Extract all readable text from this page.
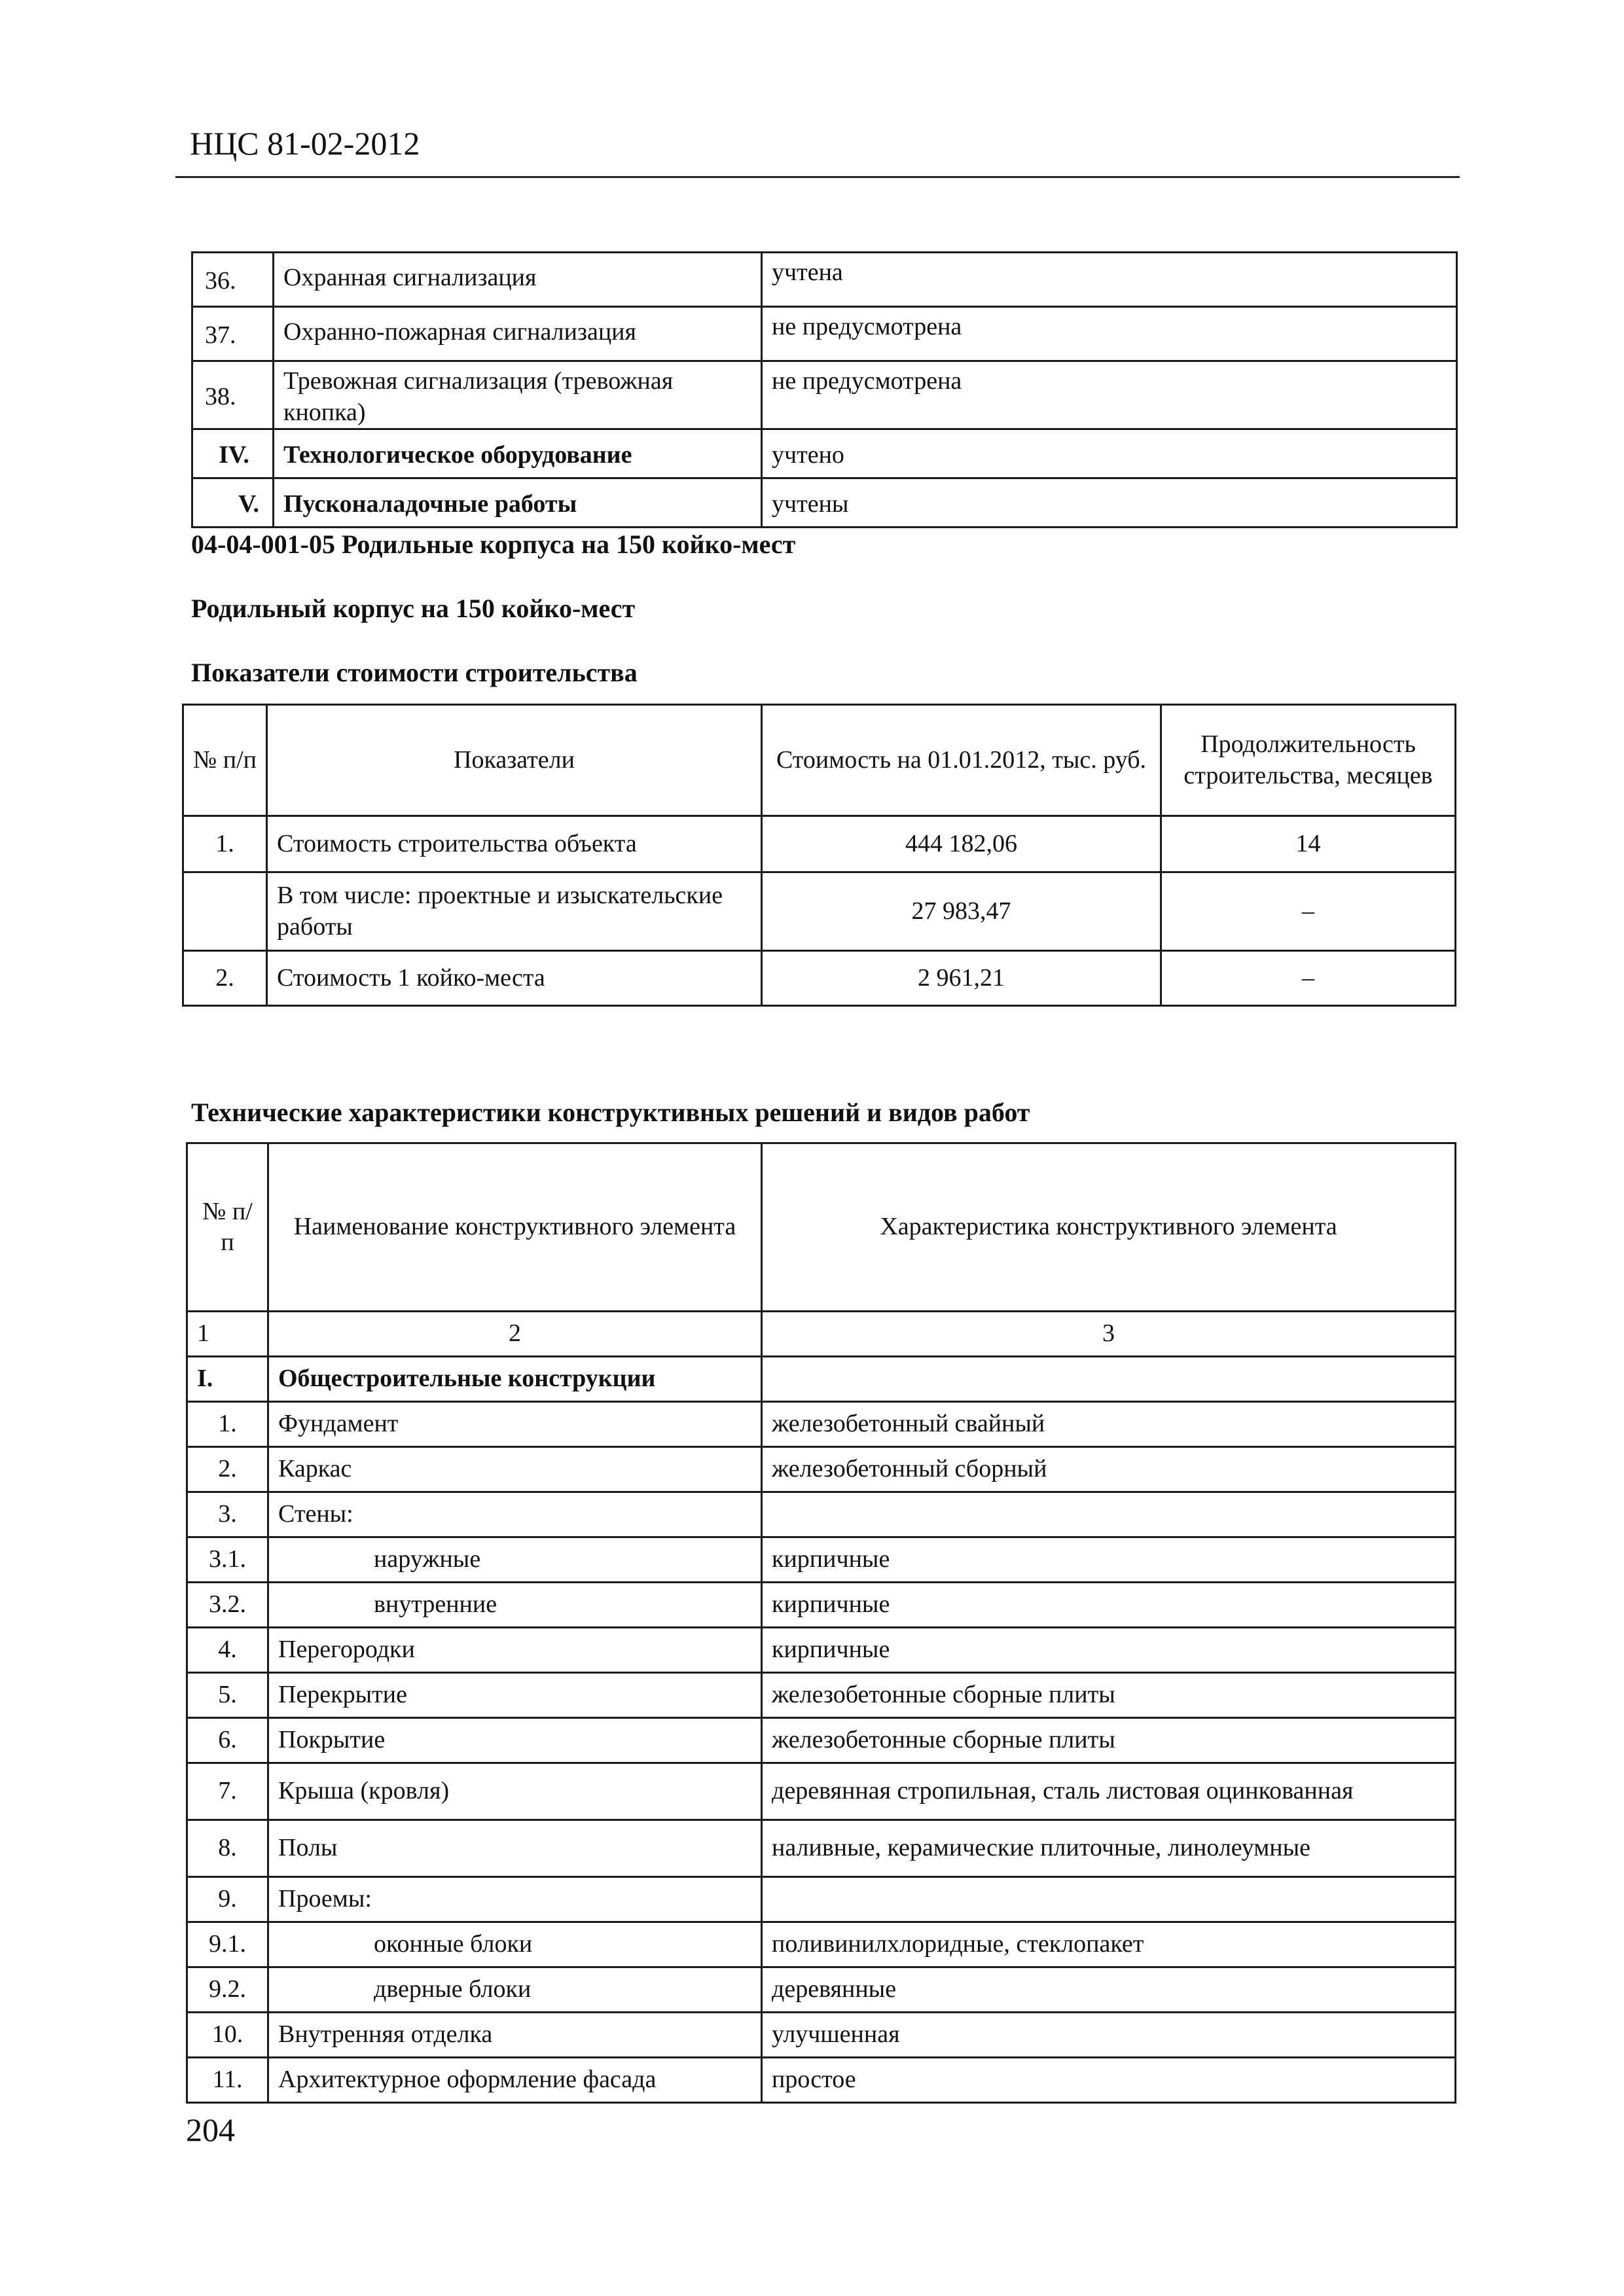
НЦС 81-02-2012
36.	Охранная сигнализация	учтена
37.	Охранно-пожарная сигнализация	не предусмотрена
38.	Тревожная сигнализация (тревожная кнопка)	не предусмотрена
IV.	Технологическое оборудование	учтено
V.	Пусконаладочные работы	учтены
04-04-001-05 Родильные корпуса на 150 койко-мест
Родильный корпус на 150 койко-мест
Показатели стоимости строительства
№ п/п	Показатели	Стоимость на 01.01.2012, тыс. руб.	Продолжительность строительства, месяцев
1.	Стоимость строительства объекта	444 182,06	14
	В том числе: проектные и изыскательские работы	27 983,47	–
2.	Стоимость 1 койко-места	2 961,21	–
Технические характеристики конструктивных решений и видов работ
№ п/п	Наименование конструктивного элемента	Характеристика конструктивного элемента
1	2	3
I.	Общестроительные конструкции	
1.	Фундамент	железобетонный свайный
2.	Каркас	железобетонный сборный
3.	Стены:	
3.1.	наружные	кирпичные
3.2.	внутренние	кирпичные
4.	Перегородки	кирпичные
5.	Перекрытие	железобетонные сборные плиты
6.	Покрытие	железобетонные сборные плиты
7.	Крыша (кровля)	деревянная стропильная, сталь листовая оцинкованная
8.	Полы	наливные, керамические плиточные, линолеумные
9.	Проемы:	
9.1.	оконные блоки	поливинилхлоридные, стеклопакет
9.2.	дверные блоки	деревянные
10.	Внутренняя отделка	улучшенная
11.	Архитектурное оформление фасада	простое
204
